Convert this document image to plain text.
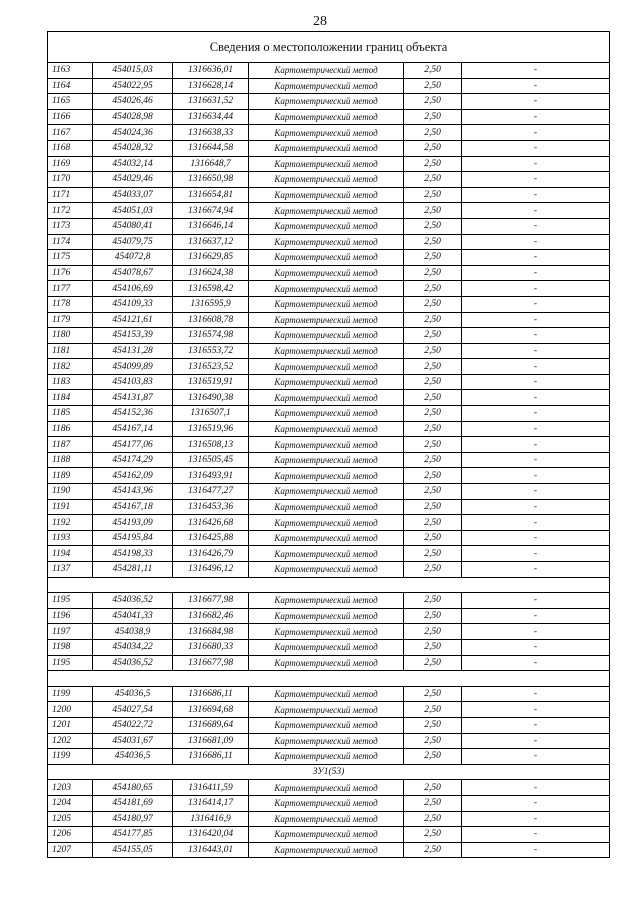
28
Сведения о местоположении границ объекта					
1163	454015,03	1316636,01	Картометрический метод	2,50	-
1164	454022,95	1316628,14	Картометрический метод	2,50	-
1165	454026,46	1316631,52	Картометрический метод	2,50	-
1166	454028,98	1316634,44	Картометрический метод	2,50	-
1167	454024,36	1316638,33	Картометрический метод	2,50	-
1168	454028,32	1316644,58	Картометрический метод	2,50	-
1169	454032,14	1316648,7	Картометрический метод	2,50	-
1170	454029,46	1316650,98	Картометрический метод	2,50	-
1171	454033,07	1316654,81	Картометрический метод	2,50	-
1172	454051,03	1316674,94	Картометрический метод	2,50	-
1173	454080,41	1316646,14	Картометрический метод	2,50	-
1174	454079,75	1316637,12	Картометрический метод	2,50	-
1175	454072,8	1316629,85	Картометрический метод	2,50	-
1176	454078,67	1316624,38	Картометрический метод	2,50	-
1177	454106,69	1316598,42	Картометрический метод	2,50	-
1178	454109,33	1316595,9	Картометрический метод	2,50	-
1179	454121,61	1316608,78	Картометрический метод	2,50	-
1180	454153,39	1316574,98	Картометрический метод	2,50	-
1181	454131,28	1316553,72	Картометрический метод	2,50	-
1182	454099,89	1316523,52	Картометрический метод	2,50	-
1183	454103,83	1316519,91	Картометрический метод	2,50	-
1184	454131,87	1316490,38	Картометрический метод	2,50	-
1185	454152,36	1316507,1	Картометрический метод	2,50	-
1186	454167,14	1316519,96	Картометрический метод	2,50	-
1187	454177,06	1316508,13	Картометрический метод	2,50	-
1188	454174,29	1316505,45	Картометрический метод	2,50	-
1189	454162,09	1316493,91	Картометрический метод	2,50	-
1190	454143,96	1316477,27	Картометрический метод	2,50	-
1191	454167,18	1316453,36	Картометрический метод	2,50	-
1192	454193,09	1316426,68	Картометрический метод	2,50	-
1193	454195,84	1316425,88	Картометрический метод	2,50	-
1194	454198,33	1316426,79	Картометрический метод	2,50	-
1137	454281,11	1316496,12	Картометрический метод	2,50	-

1195	454036,52	1316677,98	Картометрический метод	2,50	-
1196	454041,33	1316682,46	Картометрический метод	2,50	-
1197	454038,9	1316684,98	Картометрический метод	2,50	-
1198	454034,22	1316680,33	Картометрический метод	2,50	-
1195	454036,52	1316677,98	Картометрический метод	2,50	-

1199	454036,5	1316686,11	Картометрический метод	2,50	-
1200	454027,54	1316694,68	Картометрический метод	2,50	-
1201	454022,72	1316689,64	Картометрический метод	2,50	-
1202	454031,67	1316681,09	Картометрический метод	2,50	-
1199	454036,5	1316686,11	Картометрический метод	2,50	-
ЗУ1(53)					
1203	454180,65	1316411,59	Картометрический метод	2,50	-
1204	454181,69	1316414,17	Картометрический метод	2,50	-
1205	454180,97	1316416,9	Картометрический метод	2,50	-
1206	454177,85	1316420,04	Картометрический метод	2,50	-
1207	454155,05	1316443,01	Картометрический метод	2,50	-
